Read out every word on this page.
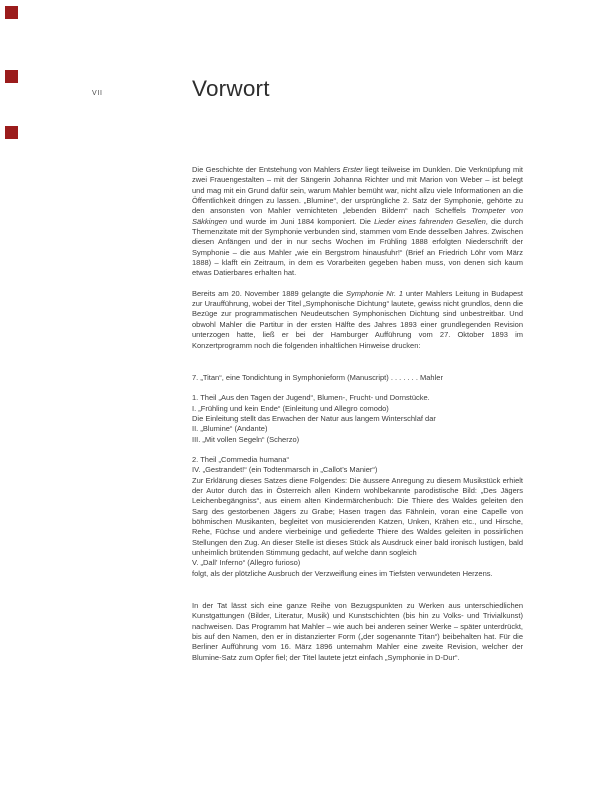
VII	Vorwort

Die Geschichte der Entstehung von Mahlers Erster liegt teilweise im Dunklen. Die Verknüpfung mit zwei Frauengestalten – mit der Sängerin Johanna Richter und mit Marion von Weber – ist belegt und mag mit ein Grund dafür sein, warum Mahler bemüht war, nicht allzu viele Informationen an die Öffentlichkeit dringen zu lassen. „Blumine“, der ursprüngliche 2. Satz der Symphonie, gehörte zu den ansonsten von Mahler vernichteten „lebenden Bildern“ nach Scheffels Trompeter von Säkkingen und wurde im Juni 1884 komponiert. Die Lieder eines fahrenden Gesellen, die durch Themenzitate mit der Symphonie verbunden sind, stammen vom Ende desselben Jahres. Zwischen diesen Anfängen und der in nur sechs Wochen im Frühling 1888 erfolgten Niederschrift der Symphonie – die aus Mahler „wie ein Bergstrom hinausfuhr!“ (Brief an Friedrich Löhr vom März 1888) – klafft ein Zeitraum, in dem es Vorarbeiten gegeben haben muss, von denen sich kaum etwas Datierbares erhalten hat.

Bereits am 20. November 1889 gelangte die Symphonie Nr. 1 unter Mahlers Leitung in Budapest zur Uraufführung, wobei der Titel „Symphonische Dichtung“ lautete, gewiss nicht grundlos, denn die Bezüge zur programmatischen Neudeutschen Symphonischen Dichtung sind unbestreitbar. Und obwohl Mahler die Partitur in der ersten Hälfte des Jahres 1893 einer grundlegenden Revision unterzogen hatte, ließ er bei der Hamburger Aufführung vom 27. Oktober 1893 im Konzertprogramm noch die folgenden inhaltlichen Hinweise drucken:

7. „Titan“, eine Tondichtung in Symphonieform (Manuscript) . . . . . . . Mahler

1. Theil „Aus den Tagen der Jugend“, Blumen-, Frucht- und Dornstücke.

I. „Frühling und kein Ende“ (Einleitung und Allegro comodo)

Die Einleitung stellt das Erwachen der Natur aus langem Winterschlaf dar

II. „Blumine“ (Andante)

III. „Mit vollen Segeln“ (Scherzo)

2. Theil „Commedia humana“

IV. „Gestrandet!“ (ein Todtenmarsch in „Callot’s Manier“)

Zur Erklärung dieses Satzes diene Folgendes: Die äussere Anregung zu diesem Musikstück erhielt der Autor durch das in Österreich allen Kindern wohlbekannte parodistische Bild: „Des Jägers Leichenbegängniss“, aus einem alten Kindermärchenbuch: Die Thiere des Waldes geleiten den Sarg des gestorbenen Jägers zu Grabe; Hasen tragen das Fähnlein, voran eine Capelle von böhmischen Musikanten, begleitet von musicierenden Katzen, Unken, Krähen etc., und Hirsche, Rehe, Füchse und andere vierbeinige und gefiederte Thiere des Waldes geleiten in possirlichen Stellungen den Zug. An dieser Stelle ist dieses Stück als Ausdruck einer bald ironisch lustigen, bald unheimlich brütenden Stimmung gedacht, auf welche dann sogleich

V. „Dall’ Inferno“ (Allegro furioso)

folgt, als der plötzliche Ausbruch der Verzweiflung eines im Tiefsten verwundeten Herzens.

In der Tat lässt sich eine ganze Reihe von Bezugspunkten zu Werken aus unterschiedlichen Kunstgattungen (Bilder, Literatur, Musik) und Kunstschichten (bis hin zu Volks- und Trivialkunst) nachweisen. Das Programm hat Mahler – wie auch bei anderen seiner Werke – später unterdrückt, bis auf den Namen, den er in distanzierter Form („der sogenannte Titan“) beibehalten hat. Für die Berliner Aufführung vom 16. März 1896 unternahm Mahler eine zweite Revision, welcher der Blumine-Satz zum Opfer fiel; der Titel lautete jetzt einfach „Symphonie in D-Dur“.
